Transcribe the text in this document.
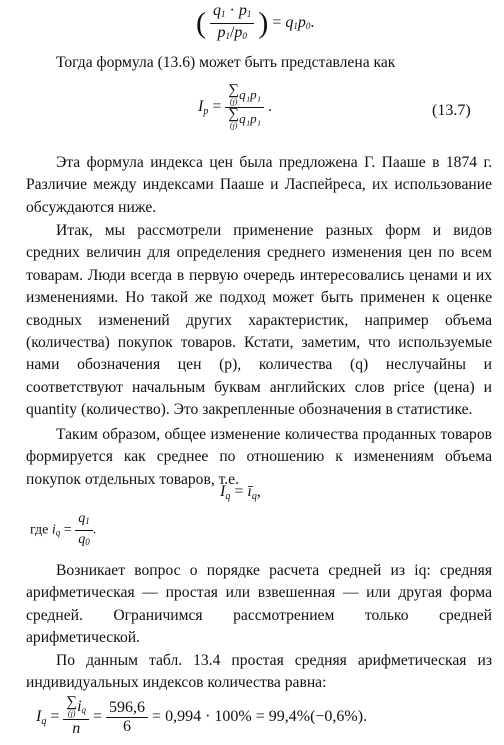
( $\frac{q1 \cdot p1}{p1/p0}$ ) = q1p0.

Тогда формула (13.6) может быть представлена как

$I_p$ = ∑
(j) q₁p₁
∑
(j) q₁p₁ .	(13.7)

Эта формула индекса цен была предложена Г. Пааше в 1874 г. Различие между индексами Пааше и Ласпейреса, их использование обсуждаются ниже.

Итак, мы рассмотрели применение разных форм и видов средних величин для определения среднего изменения цен по всем товарам. Люди всегда в первую очередь интересовались ценами и их изменениями. Но такой же подход может быть применен к оценке сводных изменений других характеристик, например объема (количества) покупок товаров. Кстати, заметим, что используемые нами обозначения цен (p), количества (q) неслучайны и соответствуют начальным буквам английских слов price (цена) и quantity (количество). Это закрепленные обозначения в статистике.

Таким образом, общее изменение количества проданных товаров формируется как среднее по отношению к изменениям объема покупок отдельных товаров, т.е.

$I_q$ = $ī_q$,
где iq = $\frac{q1}{q0}$ .

Возникает вопрос о порядке расчета средней из iq: средняя арифметическая — простая или взвешенная — или другая форма средней. Ограничимся рассмотрением только средней арифметической.

По данным табл. 13.4 простая средняя арифметическая из индивидуальных индексов количества равна:

$I_q$ = ∑
(j) iq
$n = \frac{596,6}{6} = 0,994 \cdot 100\% = 99,4\%(-0,6\%)$.
